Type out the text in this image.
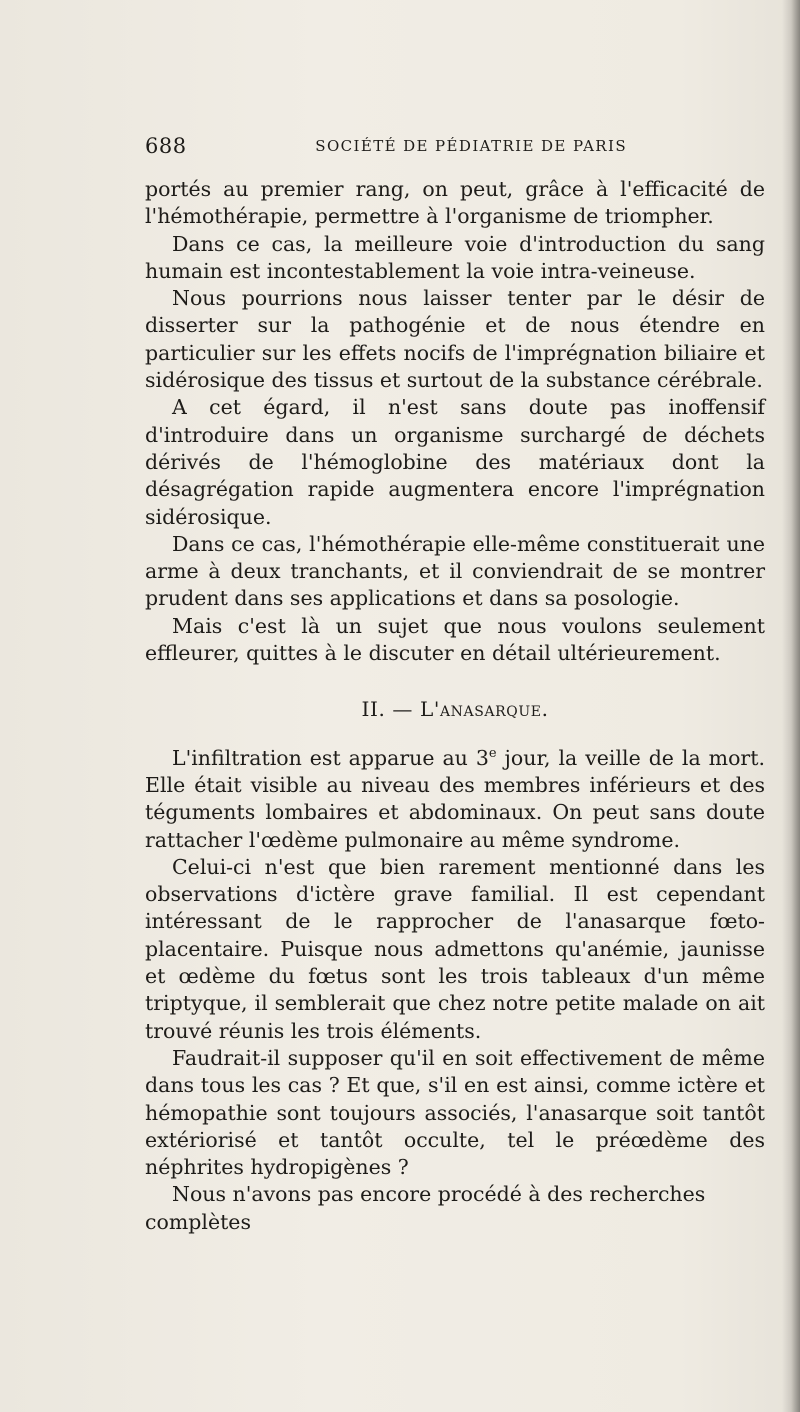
688	SOCIÉTÉ DE PÉDIATRIE DE PARIS

portés au premier rang, on peut, grâce à l'efficacité de l'hémothérapie, permettre à l'organisme de triompher.

Dans ce cas, la meilleure voie d'introduction du sang humain est incontestablement la voie intra-veineuse.

Nous pourrions nous laisser tenter par le désir de disserter sur la pathogénie et de nous étendre en particulier sur les effets nocifs de l'imprégnation biliaire et sidérosique des tissus et surtout de la substance cérébrale.

A cet égard, il n'est sans doute pas inoffensif d'introduire dans un organisme surchargé de déchets dérivés de l'hémoglobine des matériaux dont la désagrégation rapide augmentera encore l'imprégnation sidérosique.

Dans ce cas, l'hémothérapie elle-même constituerait une arme à deux tranchants, et il conviendrait de se montrer prudent dans ses applications et dans sa posologie.

Mais c'est là un sujet que nous voulons seulement effleurer, quittes à le discuter en détail ultérieurement.

II. — L'anasarque.

L'infiltration est apparue au 3e jour, la veille de la mort. Elle était visible au niveau des membres inférieurs et des téguments lombaires et abdominaux. On peut sans doute rattacher l'œdème pulmonaire au même syndrome.

Celui-ci n'est que bien rarement mentionné dans les observations d'ictère grave familial. Il est cependant intéressant de le rapprocher de l'anasarque fœto-placentaire. Puisque nous admettons qu'anémie, jaunisse et œdème du fœtus sont les trois tableaux d'un même triptyque, il semblerait que chez notre petite malade on ait trouvé réunis les trois éléments.

Faudrait-il supposer qu'il en soit effectivement de même dans tous les cas ? Et que, s'il en est ainsi, comme ictère et hémopathie sont toujours associés, l'anasarque soit tantôt extériorisé et tantôt occulte, tel le préœdème des néphrites hydropigènes ?

Nous n'avons pas encore procédé à des recherches complètes
